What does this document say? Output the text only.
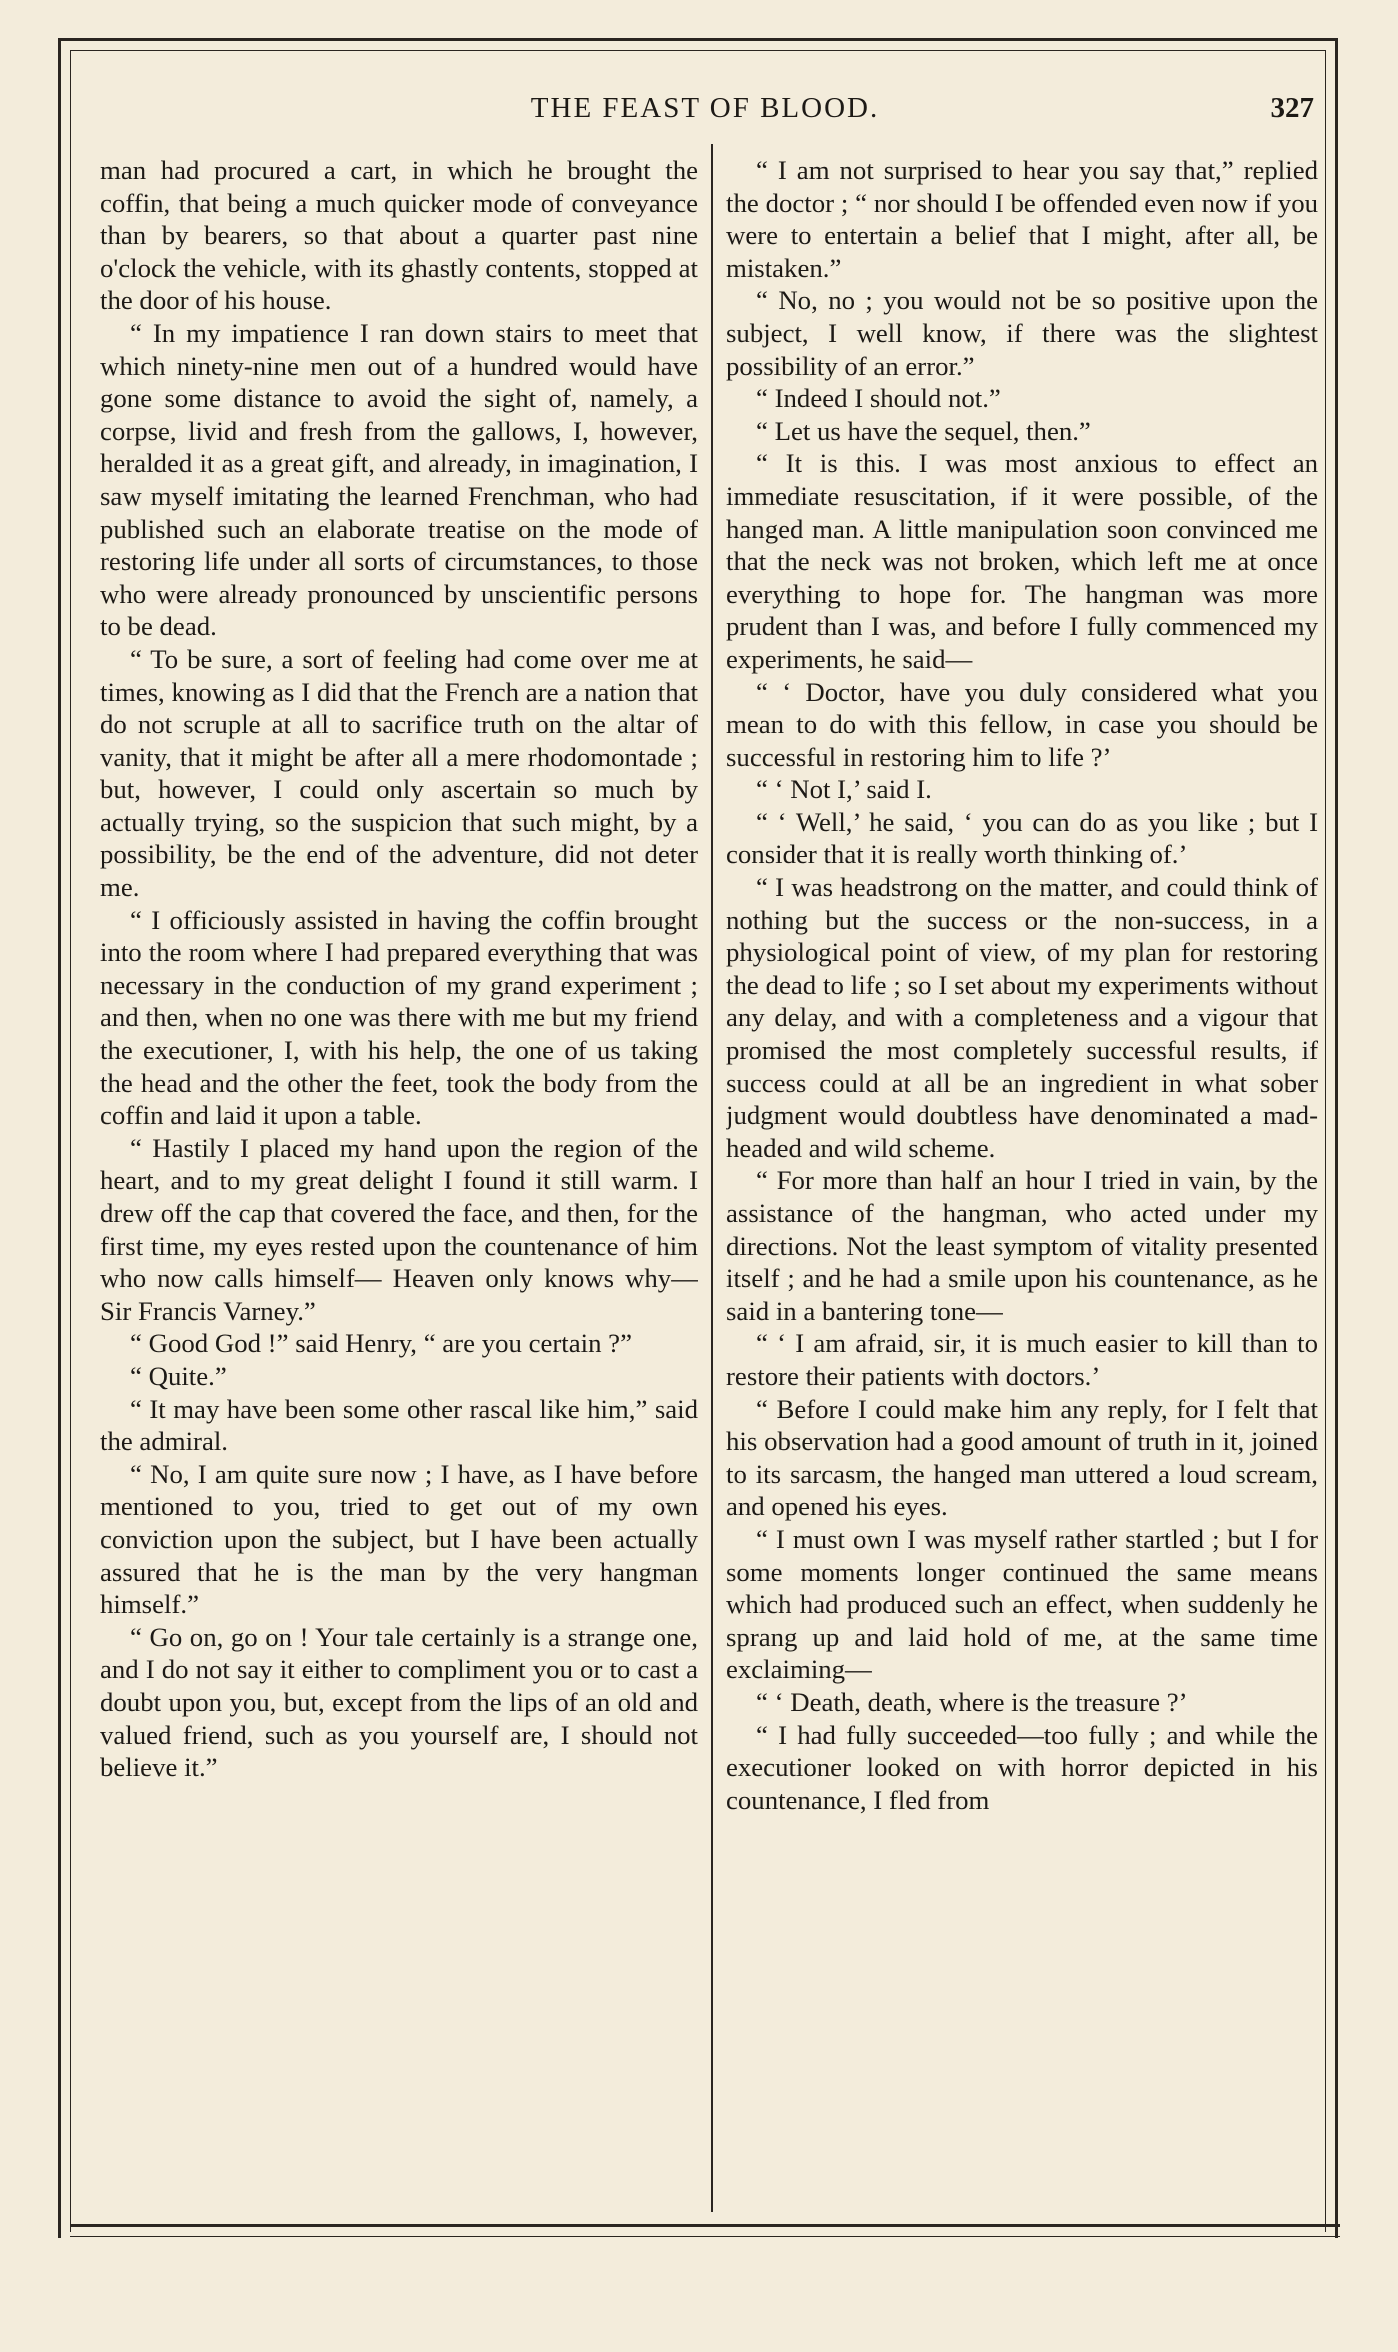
THE FEAST OF BLOOD.	327

man had procured a cart, in which he brought the coffin, that being a much quicker mode of conveyance than by bearers, so that about a quarter past nine o'clock the vehicle, with its ghastly contents, stopped at the door of his house.

“ In my impatience I ran down stairs to meet that which ninety-nine men out of a hundred would have gone some distance to avoid the sight of, namely, a corpse, livid and fresh from the gallows, I, however, heralded it as a great gift, and already, in imagination, I saw myself imitating the learned Frenchman, who had published such an elaborate treatise on the mode of restoring life under all sorts of circumstances, to those who were already pronounced by unscientific persons to be dead.

“ To be sure, a sort of feeling had come over me at times, knowing as I did that the French are a nation that do not scruple at all to sacrifice truth on the altar of vanity, that it might be after all a mere rhodomontade ; but, however, I could only ascertain so much by actually trying, so the suspicion that such might, by a possibility, be the end of the adventure, did not deter me.

“ I officiously assisted in having the coffin brought into the room where I had prepared everything that was necessary in the conduction of my grand experiment ; and then, when no one was there with me but my friend the executioner, I, with his help, the one of us taking the head and the other the feet, took the body from the coffin and laid it upon a table.

“ Hastily I placed my hand upon the region of the heart, and to my great delight I found it still warm. I drew off the cap that covered the face, and then, for the first time, my eyes rested upon the countenance of him who now calls himself— Heaven only knows why—Sir Francis Varney.”

“ Good God !” said Henry, “ are you certain ?”

“ Quite.”

“ It may have been some other rascal like him,” said the admiral.

“ No, I am quite sure now ; I have, as I have before mentioned to you, tried to get out of my own conviction upon the subject, but I have been actually assured that he is the man by the very hangman himself.”

“ Go on, go on ! Your tale certainly is a strange one, and I do not say it either to compliment you or to cast a doubt upon you, but, except from the lips of an old and valued friend, such as you yourself are, I should not believe it.”

“ I am not surprised to hear you say that,” replied the doctor ; “ nor should I be offended even now if you were to entertain a belief that I might, after all, be mistaken.”

“ No, no ; you would not be so positive upon the subject, I well know, if there was the slightest possibility of an error.”

“ Indeed I should not.”

“ Let us have the sequel, then.”

“ It is this. I was most anxious to effect an immediate resuscitation, if it were possible, of the hanged man. A little manipulation soon convinced me that the neck was not broken, which left me at once everything to hope for. The hangman was more prudent than I was, and before I fully commenced my experiments, he said—

“ ‘ Doctor, have you duly considered what you mean to do with this fellow, in case you should be successful in restoring him to life ?’

“ ‘ Not I,’ said I.

“ ‘ Well,’ he said, ‘ you can do as you like ; but I consider that it is really worth thinking of.’

“ I was headstrong on the matter, and could think of nothing but the success or the non-success, in a physiological point of view, of my plan for restoring the dead to life ; so I set about my experiments without any delay, and with a completeness and a vigour that promised the most completely successful results, if success could at all be an ingredient in what sober judgment would doubtless have denominated a mad-headed and wild scheme.

“ For more than half an hour I tried in vain, by the assistance of the hangman, who acted under my directions. Not the least symptom of vitality presented itself ; and he had a smile upon his countenance, as he said in a bantering tone—

“ ‘ I am afraid, sir, it is much easier to kill than to restore their patients with doctors.’

“ Before I could make him any reply, for I felt that his observation had a good amount of truth in it, joined to its sarcasm, the hanged man uttered a loud scream, and opened his eyes.

“ I must own I was myself rather startled ; but I for some moments longer continued the same means which had produced such an effect, when suddenly he sprang up and laid hold of me, at the same time exclaiming—

“ ‘ Death, death, where is the treasure ?’

“ I had fully succeeded—too fully ; and while the executioner looked on with horror depicted in his countenance, I fled from
